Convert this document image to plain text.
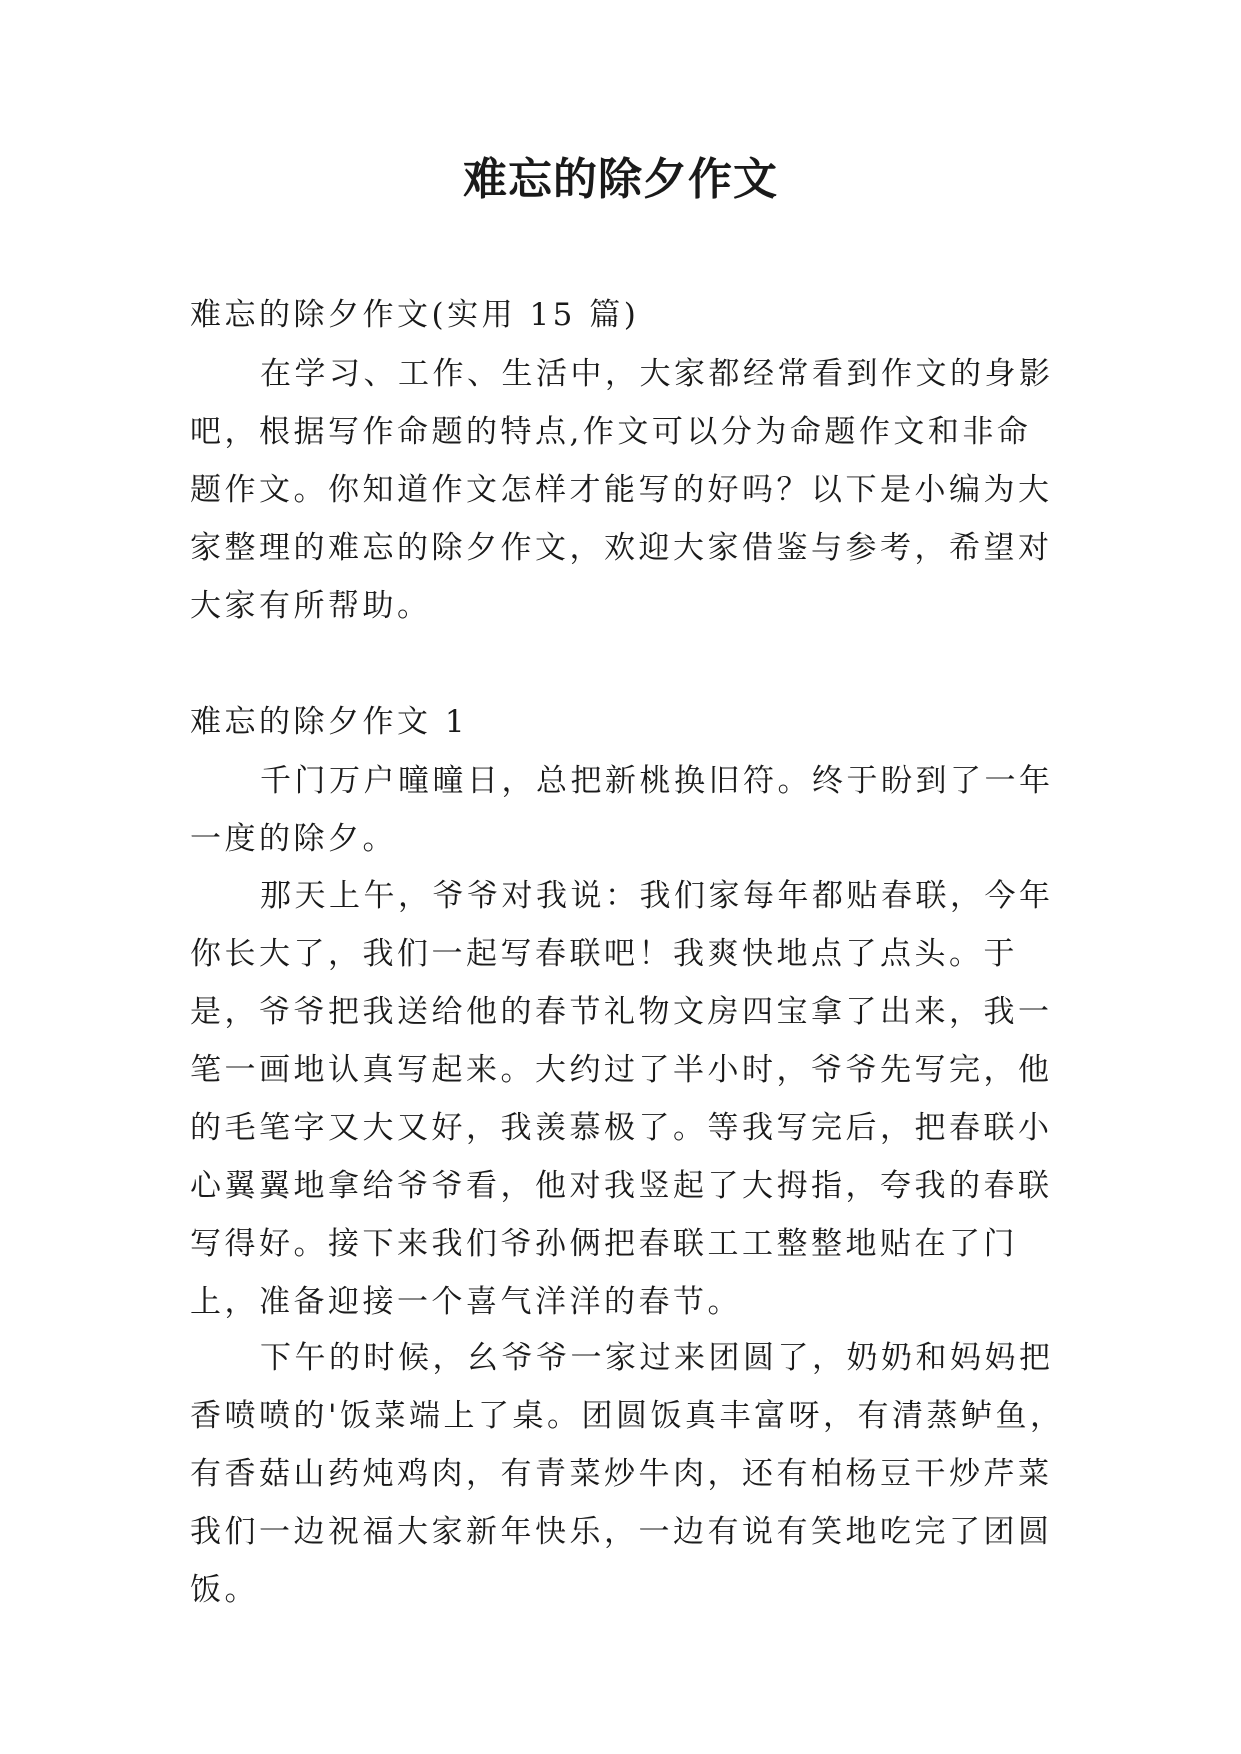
难忘的除夕作文

难忘的除夕作文(实用 15 篇)

在学习、工作、生活中，大家都经常看到作文的身影吧，根据写作命题的特点,作文可以分为命题作文和非命题作文。你知道作文怎样才能写的好吗？以下是小编为大家整理的难忘的除夕作文，欢迎大家借鉴与参考，希望对大家有所帮助。

难忘的除夕作文 1

千门万户曈曈日，总把新桃换旧符。终于盼到了一年一度的除夕。

那天上午，爷爷对我说：我们家每年都贴春联，今年你长大了，我们一起写春联吧！我爽快地点了点头。于是，爷爷把我送给他的春节礼物文房四宝拿了出来，我一笔一画地认真写起来。大约过了半小时，爷爷先写完，他的毛笔字又大又好，我羡慕极了。等我写完后，把春联小心翼翼地拿给爷爷看，他对我竖起了大拇指，夸我的春联写得好。接下来我们爷孙俩把春联工工整整地贴在了门上，准备迎接一个喜气洋洋的春节。

下午的时候，幺爷爷一家过来团圆了，奶奶和妈妈把香喷喷的'饭菜端上了桌。团圆饭真丰富呀，有清蒸鲈鱼，有香菇山药炖鸡肉，有青菜炒牛肉，还有柏杨豆干炒芹菜我们一边祝福大家新年快乐，一边有说有笑地吃完了团圆饭。
